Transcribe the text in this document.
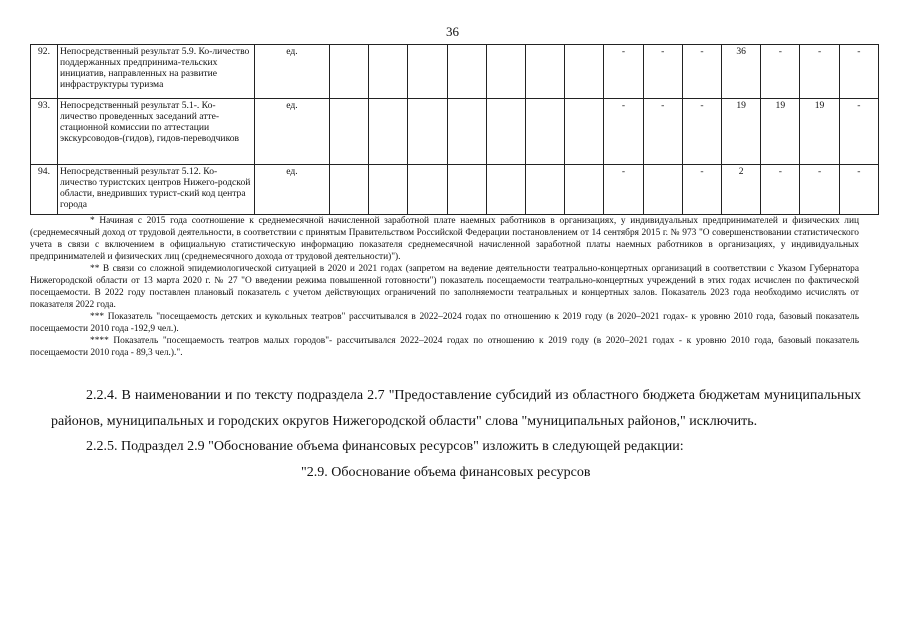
36
92.	Непосредственный результат 5.9. Ко-личество поддержанных предпринима-тельских инициатив, направленных на развитие инфраструктуры туризма	ед.								-	-	-	36	-	-	-
93.	Непосредственный результат 5.1-. Ко-личество проведенных заседаний атте-стационной комиссии по аттестации экскурсоводов-(гидов), гидов-переводчиков	ед.								-	-	-	19	19	19	-
94.	Непосредственный результат 5.12. Ко-личество туристских центров Нижего-родской области, внедривших турист-ский код центра города	ед.								-		-	2	-	-	-

* Начиная с 2015 года соотношение к среднемесячной начисленной заработной плате наемных работников в организациях, у индивидуальных предпринимателей и физических лиц (среднемесячный доход от трудовой деятельности, в соответствии с принятым Правительством Российской Федерации постановлением от 14 сентября 2015 г. № 973 "О совершенствовании статистического учета в связи с включением в официальную статистическую информацию показателя среднемесячной начисленной заработной платы наемных работников в организациях, у индивидуальных предпринимателей и физических лиц (среднемесячного дохода от трудовой деятельности)").

** В связи со сложной эпидемиологической ситуацией в 2020 и 2021 годах (запретом на ведение деятельности театрально-концертных организаций в соответствии с Указом Губернатора Нижегородской области от 13 марта 2020 г. № 27 "О введении режима повышенной готовности") показатель посещаемости театрально-концертных учреждений в этих годах исчислен по фактической посещаемости. В 2022 году поставлен плановый показатель с учетом действующих ограничений по заполняемости театральных и концертных залов. Показатель 2023 года необходимо исчислять от показателя 2022 года.

*** Показатель "посещаемость детских и кукольных театров" рассчитывался в 2022–2024 годах по отношению к 2019 году (в 2020–2021 годах- к уровню 2010 года, базовый показатель посещаемости 2010 года -192,9 чел.).

**** Показатель "посещаемость театров малых городов"- рассчитывался 2022–2024 годах по отношению к 2019 году (в 2020–2021 годах - к уровню 2010 года, базовый показатель посещаемости 2010 года - 89,3 чел.).".

2.2.4. В наименовании и по тексту подраздела 2.7 "Предоставление субсидий из областного бюджета бюджетам муниципальных районов, муниципальных и городских округов Нижегородской области" слова "муниципальных районов," исключить.

2.2.5. Подраздел 2.9 "Обоснование объема финансовых ресурсов" изложить в следующей редакции:

"2.9. Обоснование объема финансовых ресурсов
